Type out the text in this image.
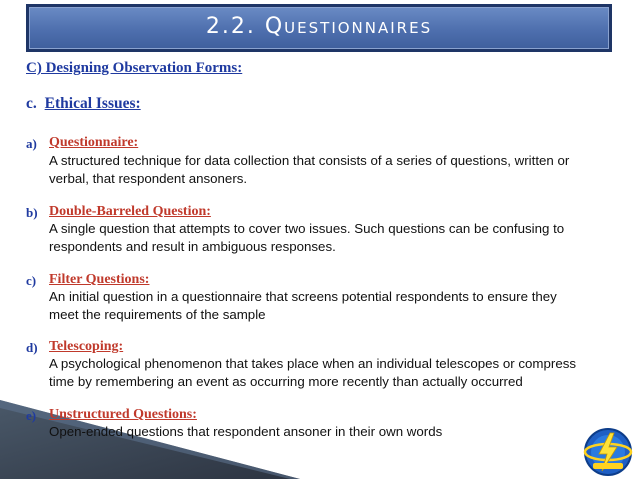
2.2. Questionnaires
C) Designing Observation Forms:
c. Ethical Issues:
a) Questionnaire:
A structured technique for data collection that consists of a series of questions, written or
verbal, that respondent ansoners.
b) Double-Barreled Question:
A single question that attempts to cover two issues. Such questions can be confusing to
respondents and result in ambiguous responses.
c) Filter Questions:
An initial question in a questionnaire that screens potential respondents to ensure they
meet the requirements of the sample
d) Telescoping:
A psychological phenomenon that takes place when an individual telescopes or compress
time by remembering an event as occurring more recently than actually occurred
e) Unstructured Questions:
Open-ended questions that respondent ansoner in their own words
